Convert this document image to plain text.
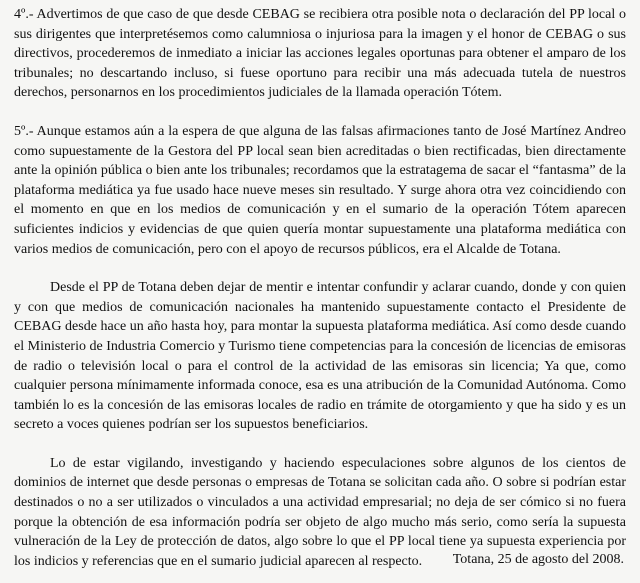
4º.- Advertimos de que caso de que desde CEBAG se recibiera otra posible nota o declaración del PP local o sus dirigentes que interpretésemos como calumniosa o injuriosa para la imagen y el honor de CEBAG o sus directivos, procederemos de inmediato a iniciar las acciones legales oportunas para obtener el amparo de los tribunales; no descartando incluso, si fuese oportuno para recibir una más adecuada tutela de nuestros derechos, personarnos en los procedimientos judiciales de la llamada operación Tótem.

5º.- Aunque estamos aún a la espera de que alguna de las falsas afirmaciones tanto de José Martínez Andreo como supuestamente de la Gestora del PP local sean bien acreditadas o bien rectificadas, bien directamente ante la opinión pública o bien ante los tribunales; recordamos que la estratagema de sacar el “fantasma” de la plataforma mediática ya fue usado hace nueve meses sin resultado. Y surge ahora otra vez coincidiendo con el momento en que en los medios de comunicación y en el sumario de la operación Tótem aparecen suficientes indicios y evidencias de que quien quería montar supuestamente una plataforma mediática con varios medios de comunicación, pero con el apoyo de recursos públicos, era el Alcalde de Totana.

Desde el PP de Totana deben dejar de mentir e intentar confundir y aclarar cuando, donde y con quien y con que medios de comunicación nacionales ha mantenido supuestamente contacto el Presidente de CEBAG desde hace un año hasta hoy, para montar la supuesta plataforma mediática. Así como desde cuando el Ministerio de Industria Comercio y Turismo tiene competencias para la concesión de licencias de emisoras de radio o televisión local o para el control de la actividad de las emisoras sin licencia; Ya que, como cualquier persona mínimamente informada conoce, esa es una atribución de la Comunidad Autónoma. Como también lo es la concesión de las emisoras locales de radio en trámite de otorgamiento y que ha sido y es un secreto a voces quienes podrían ser los supuestos beneficiarios.

Lo de estar vigilando, investigando y haciendo especulaciones sobre algunos de los cientos de dominios de internet que desde personas o empresas de Totana se solicitan cada año. O sobre si podrían estar destinados o no a ser utilizados o vinculados a una actividad empresarial; no deja de ser cómico si no fuera porque la obtención de esa información podría ser objeto de algo mucho más serio, como sería la supuesta vulneración de la Ley de protección de datos, algo sobre lo que el PP local tiene ya supuesta experiencia por los indicios y referencias que en el sumario judicial aparecen al respecto.	Totana, 25 de agosto del 2008.
